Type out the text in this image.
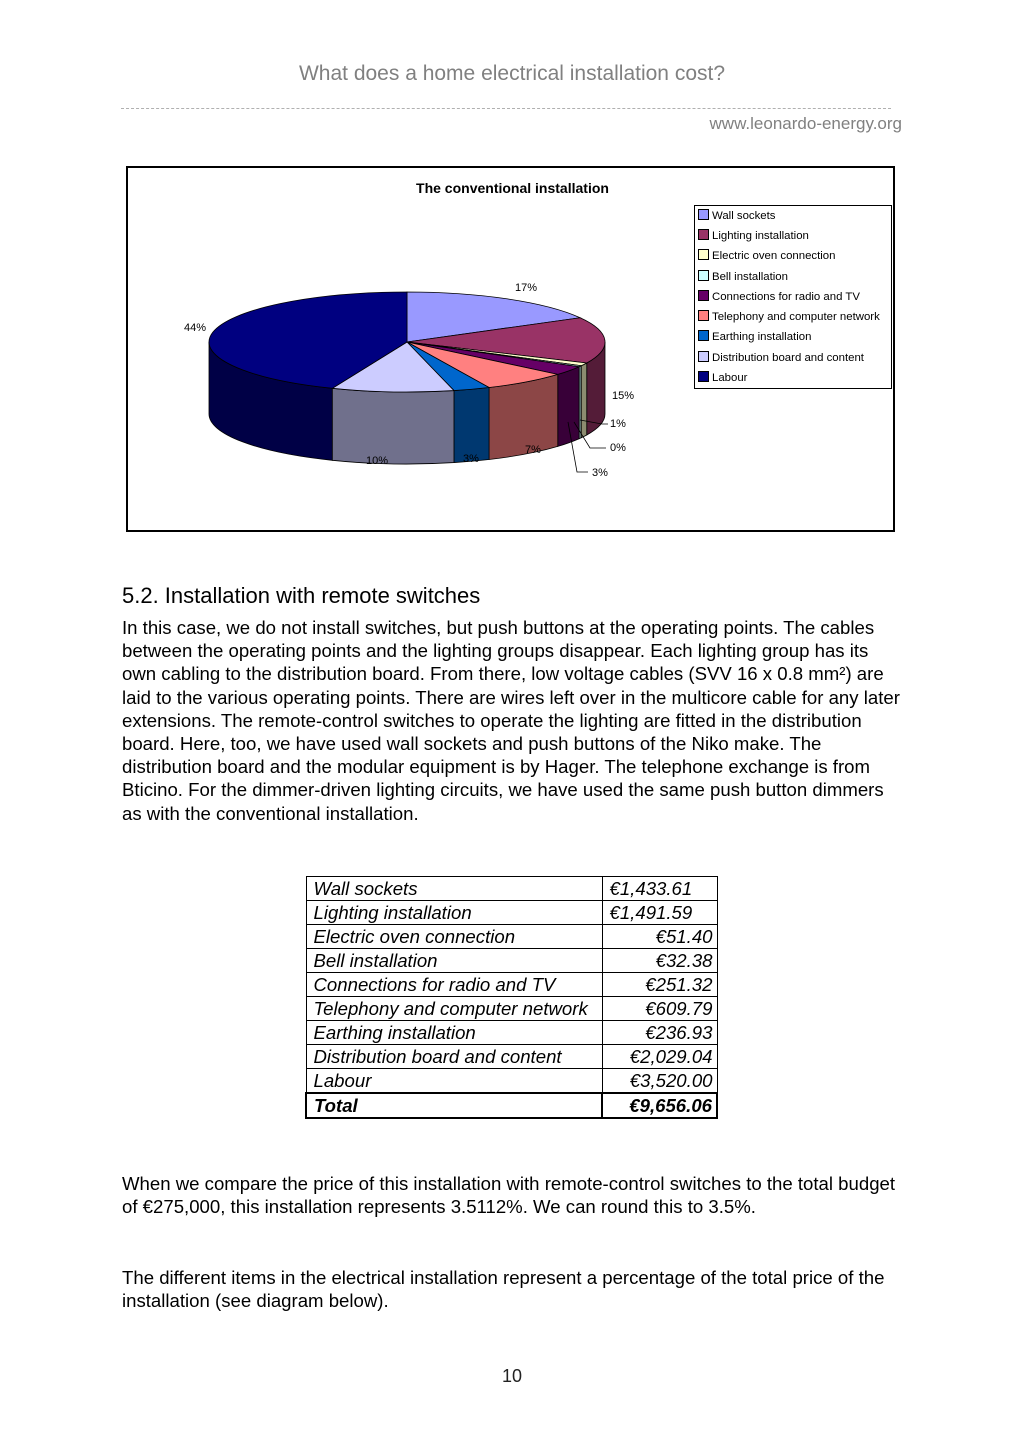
What does a home electrical installation cost?
www.leonardo-energy.org
17%
15%
1%
0%
3%
7%
3%
10%
44%
The conventional installation
Wall sockets
Lighting installation
Electric oven connection
Bell installation
Connections for radio and TV
Telephony and computer network
Earthing installation
Distribution board and content
Labour
5.2. Installation with remote switches

In this case, we do not install switches, but push buttons at the operating points. The cables between the operating points and the lighting groups disappear. Each lighting group has its own cabling to the distribution board. From there, low voltage cables (SVV 16 x 0.8 mm²) are laid to the various operating points. There are wires left over in the multicore cable for any later extensions. The remote-control switches to operate the lighting are fitted in the distribution board. Here, too, we have used wall sockets and push buttons of the Niko make. The distribution board and the modular equipment is by Hager. The telephone exchange is from Bticino. For the dimmer-driven lighting circuits, we have used the same push button dimmers as with the conventional installation.

Wall sockets	€1,433.61
Lighting installation	€1,491.59
Electric oven connection	€51.40
Bell installation	€32.38
Connections for radio and TV	€251.32
Telephony and computer network	€609.79
Earthing installation	€236.93
Distribution board and content	€2,029.04
Labour	€3,520.00
Total	€9,656.06

When we compare the price of this installation with remote-control switches to the total budget of €275,000, this installation represents 3.5112%. We can round this to 3.5%.

The different items in the electrical installation represent a percentage of the total price of the installation (see diagram below).

10
